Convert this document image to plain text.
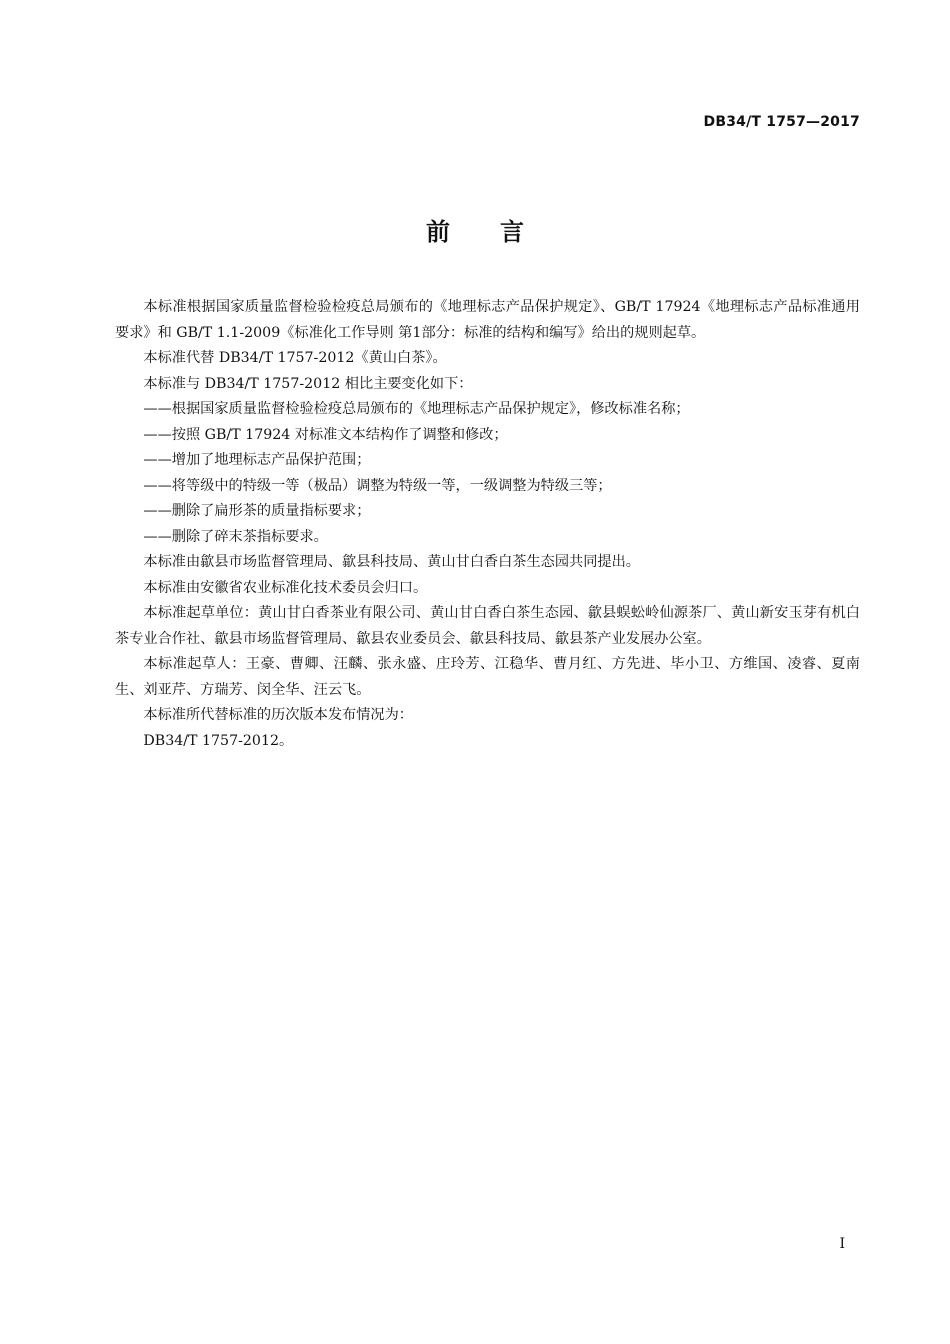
DB34/T 1757—2017
前 言

本标准根据国家质量监督检验检疫总局颁布的《地理标志产品保护规定》、GB/T 17924《地理标志产品标准通用要求》和 GB/T 1.1-2009《标准化工作导则 第1部分：标准的结构和编写》给出的规则起草。

本标准代替 DB34/T 1757-2012《黄山白茶》。

本标准与 DB34/T 1757-2012 相比主要变化如下：

——根据国家质量监督检验检疫总局颁布的《地理标志产品保护规定》，修改标准名称；

——按照 GB/T 17924 对标准文本结构作了调整和修改；

——增加了地理标志产品保护范围；

——将等级中的特级一等（极品）调整为特级一等，一级调整为特级三等；

——删除了扁形茶的质量指标要求；

——删除了碎末茶指标要求。

本标准由歙县市场监督管理局、歙县科技局、黄山甘白香白茶生态园共同提出。

本标准由安徽省农业标准化技术委员会归口。

本标准起草单位：黄山甘白香茶业有限公司、黄山甘白香白茶生态园、歙县蜈蚣岭仙源茶厂、黄山新安玉芽有机白茶专业合作社、歙县市场监督管理局、歙县农业委员会、歙县科技局、歙县茶产业发展办公室。

本标准起草人：王豪、曹卿、汪麟、张永盛、庄玲芳、江稳华、曹月红、方先进、毕小卫、方维国、凌睿、夏南生、刘亚芹、方瑞芳、闵全华、汪云飞。

本标准所代替标准的历次版本发布情况为：

DB34/T 1757-2012。

I
